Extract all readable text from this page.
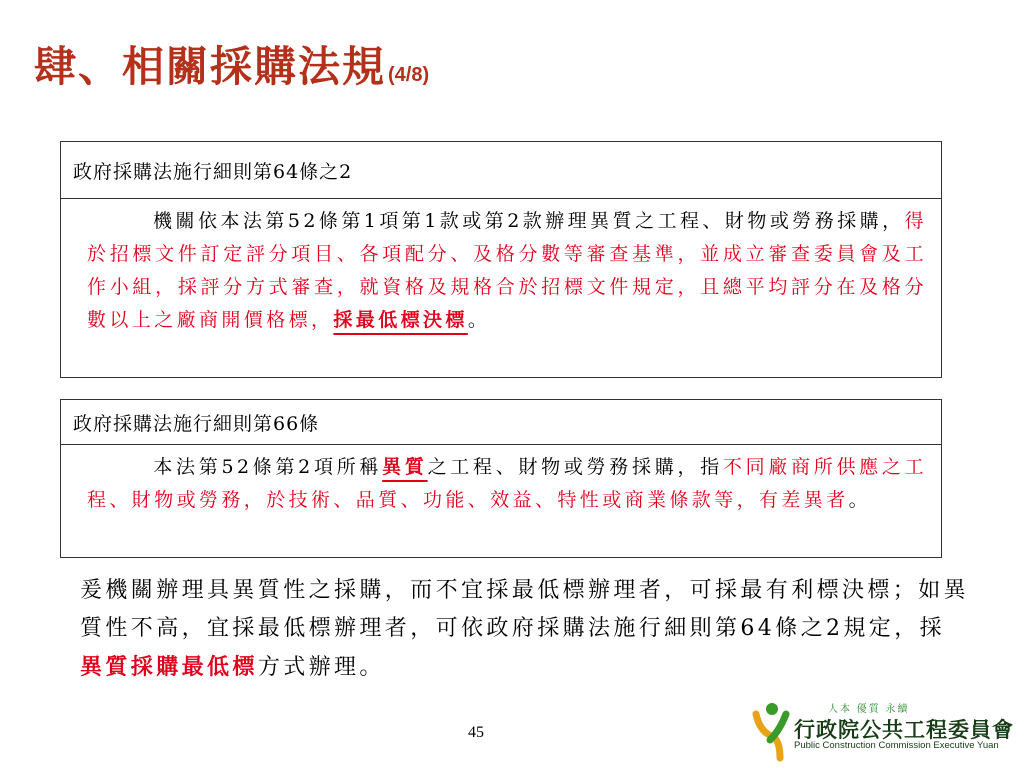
肆、相關採購法規 (4/8)
政府採購法施行細則第64條之2
機關依本法第52條第1項第1款或第2款辦理異質之工程、財物或勞務採購，得於招標文件訂定評分項目、各項配分、及格分數等審查基準，並成立審查委員會及工作小組，採評分方式審查，就資格及規格合於招標文件規定，且總平均評分在及格分數以上之廠商開價格標，採最低標決標。
政府採購法施行細則第66條
本法第52條第2項所稱異質之工程、財物或勞務採購，指不同廠商所供應之工程、財物或勞務，於技術、品質、功能、效益、特性或商業條款等，有差異者。
爰機關辦理具異質性之採購，而不宜採最低標辦理者，可採最有利標決標；如異質性不高，宜採最低標辦理者，可依政府採購法施行細則第64條之2規定，採異質採購最低標方式辦理。
45
人本 優質 永續
行政院公共工程委員會
Public Construction Commission Executive Yuan
